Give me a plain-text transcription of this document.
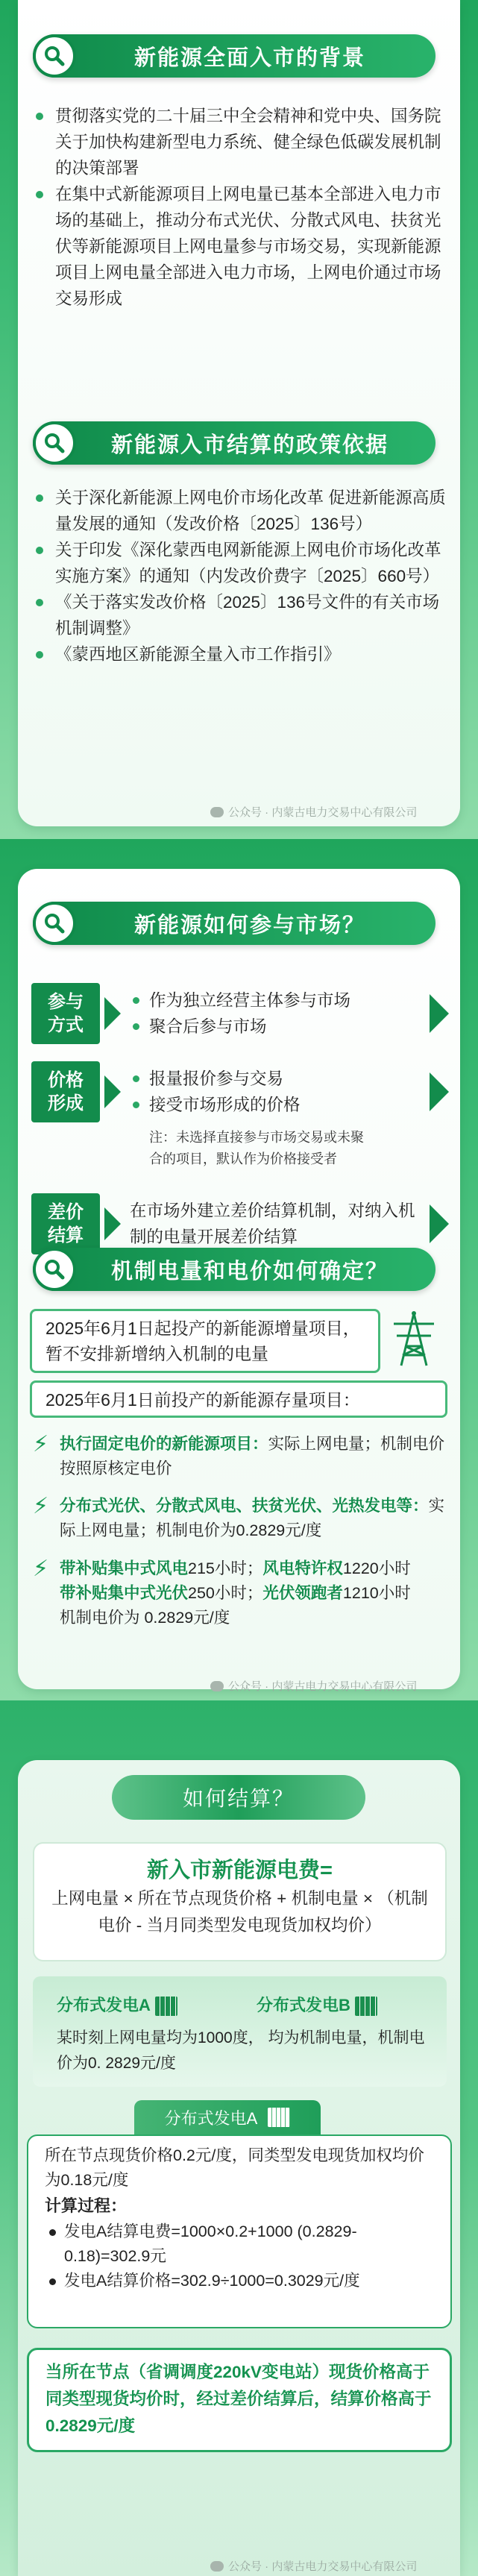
新能源全面入市的背景
贯彻落实党的二十届三中全会精神和党中央、国务院关于加快构建新型电力系统、健全绿色低碳发展机制的决策部署
在集中式新能源项目上网电量已基本全部进入电力市场的基础上，推动分布式光伏、分散式风电、扶贫光伏等新能源项目上网电量参与市场交易，实现新能源项目上网电量全部进入电力市场，上网电价通过市场交易形成
新能源入市结算的政策依据
关于深化新能源上网电价市场化改革 促进新能源高质量发展的通知（发改价格〔2025〕136号）
关于印发《深化蒙西电网新能源上网电价市场化改革实施方案》的通知（内发改价费字〔2025〕660号）
《关于落实发改价格〔2025〕136号文件的有关市场机制调整》
《蒙西地区新能源全量入市工作指引》
公众号 · 内蒙古电力交易中心有限公司
新能源如何参与市场？
参与
方式
作为独立经营主体参与市场
聚合后参与市场
价格
形成
报量报价参与交易
接受市场形成的价格
注：未选择直接参与市场交易或未聚合的项目，默认作为价格接受者
差价
结算
在市场外建立差价结算机制，对纳入机制的电量开展差价结算
机制电量和电价如何确定？
2025年6月1日起投产的新能源增量项目，暂不安排新增纳入机制的电量
2025年6月1日前投产的新能源存量项目：
⚡ 执行固定电价的新能源项目：实际上网电量；机制电价按照原核定电价
⚡ 分布式光伏、分散式风电、扶贫光伏、光热发电等：实际上网电量；机制电价为0.2829元/度
⚡ 带补贴集中式风电215小时；风电特许权1220小时
带补贴集中式光伏250小时；光伏领跑者1210小时
机制电价为 0.2829元/度
公众号 · 内蒙古电力交易中心有限公司
如何结算？
新入市新能源电费=
上网电量 × 所在节点现货价格 + 机制电量 × （机制电价 - 当月同类型发电现货加权均价）
分布式发电A	分布式发电B
某时刻上网电量均为1000度， 均为机制电量，机制电价为0. 2829元/度
分布式发电A
所在节点现货价格0.2元/度，同类型发电现货加权均价为0.18元/度
计算过程：
发电A结算电费=1000×0.2+1000 (0.2829-0.18)=302.9元
发电A结算价格=302.9÷1000=0.3029元/度
当所在节点（省调调度220kV变电站）现货价格高于同类型现货均价时，经过差价结算后，结算价格高于0.2829元/度
公众号 · 内蒙古电力交易中心有限公司
